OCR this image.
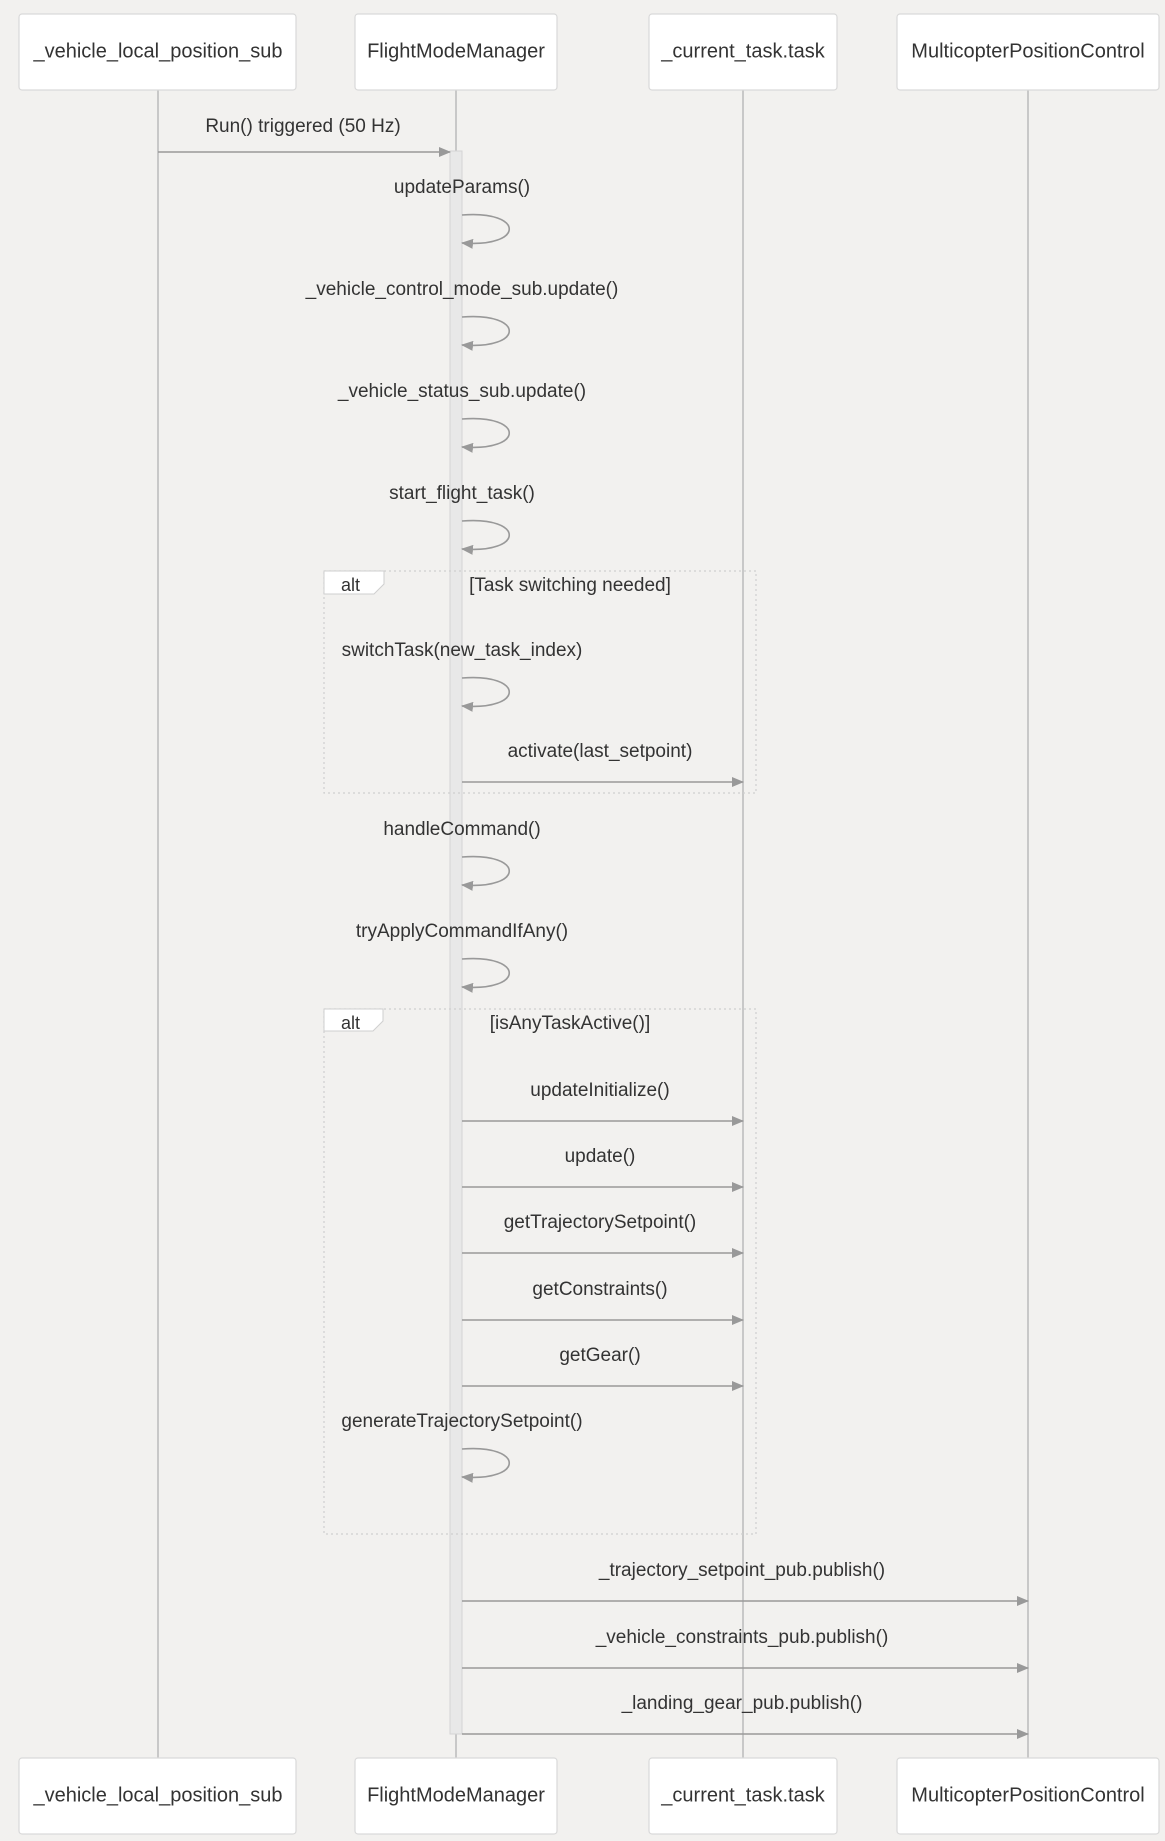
alt	[Task switching needed]
alt	[isAnyTaskActive()]
Run() triggered (50 Hz)
updateParams()
_vehicle_control_mode_sub.update()
_vehicle_status_sub.update()
start_flight_task()
switchTask(new_task_index)
activate(last_setpoint)
handleCommand()
tryApplyCommandIfAny()
updateInitialize()
update()
getTrajectorySetpoint()
getConstraints()
getGear()
generateTrajectorySetpoint()
_trajectory_setpoint_pub.publish()
_vehicle_constraints_pub.publish()
_landing_gear_pub.publish()
_vehicle_local_position_sub	FlightModeManager	_current_task.task	MulticopterPositionControl
_vehicle_local_position_sub	FlightModeManager	_current_task.task	MulticopterPositionControl
